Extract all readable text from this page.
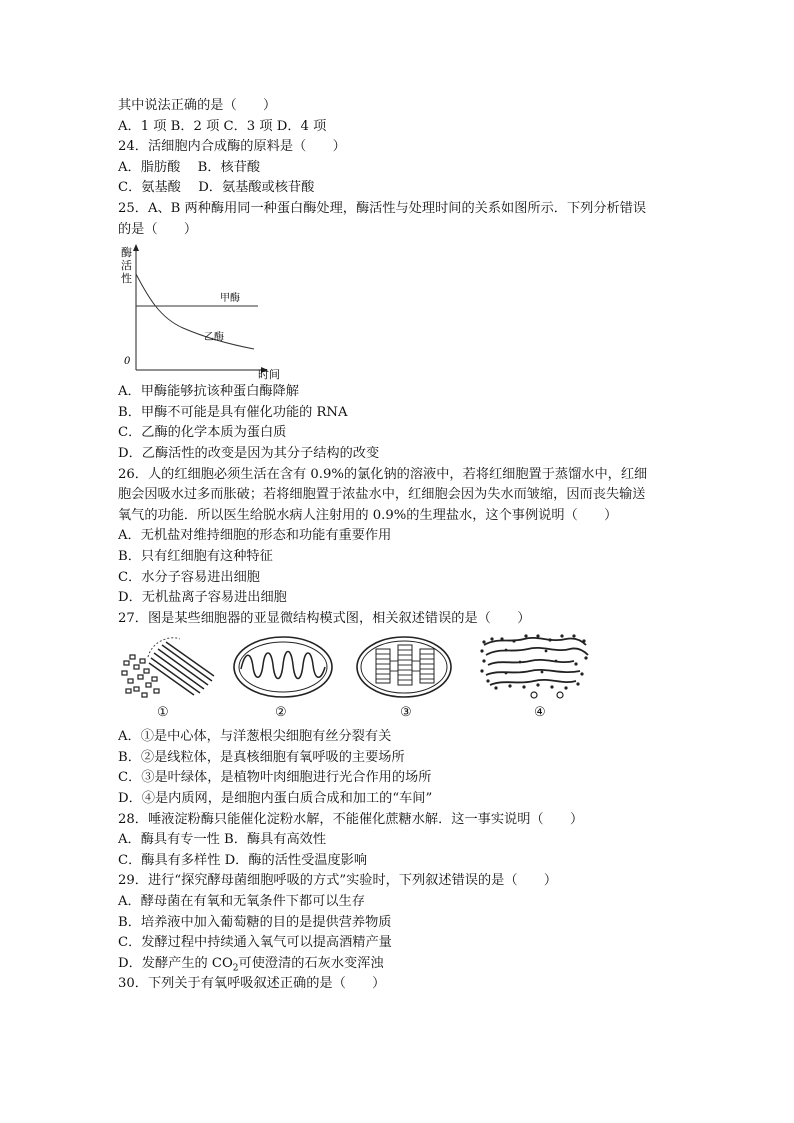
其中说法正确的是（　　）
A．1 项 B．2 项 C．3 项 D．4 项
24．活细胞内合成酶的原料是（　　）
A．脂肪酸　 B．核苷酸
C．氨基酸　 D．氨基酸或核苷酸
25．A、B 两种酶用同一种蛋白酶处理，酶活性与处理时间的关系如图所示．下列分析错误
的是（　　）
酶
活
性
0
时间
甲酶
乙酶
A．甲酶能够抗该种蛋白酶降解
B．甲酶不可能是具有催化功能的 RNA
C．乙酶的化学本质为蛋白质
D．乙酶活性的改变是因为其分子结构的改变
26．人的红细胞必须生活在含有 0.9%的氯化钠的溶液中，若将红细胞置于蒸馏水中，红细
胞会因吸水过多而胀破；若将细胞置于浓盐水中，红细胞会因为失水而皱缩，因而丧失输送
氧气的功能．所以医生给脱水病人注射用的 0.9%的生理盐水，这个事例说明（　　）
A．无机盐对维持细胞的形态和功能有重要作用
B．只有红细胞有这种特征
C．水分子容易进出细胞
D．无机盐离子容易进出细胞
27．图是某些细胞器的亚显微结构模式图，相关叙述错误的是（　　）
①	②	③	④
A．①是中心体，与洋葱根尖细胞有丝分裂有关
B．②是线粒体，是真核细胞有氧呼吸的主要场所
C．③是叶绿体，是植物叶肉细胞进行光合作用的场所
D．④是内质网，是细胞内蛋白质合成和加工的“车间”
28．唾液淀粉酶只能催化淀粉水解，不能催化蔗糖水解．这一事实说明（　　）
A．酶具有专一性 B．酶具有高效性
C．酶具有多样性 D．酶的活性受温度影响
29．进行“探究酵母菌细胞呼吸的方式”实验时，下列叙述错误的是（　　）
A．酵母菌在有氧和无氧条件下都可以生存
B．培养液中加入葡萄糖的目的是提供营养物质
C．发酵过程中持续通入氧气可以提高酒精产量
D．发酵产生的 $CO_2$可使澄清的石灰水变浑浊
30．下列关于有氧呼吸叙述正确的是（　　）
